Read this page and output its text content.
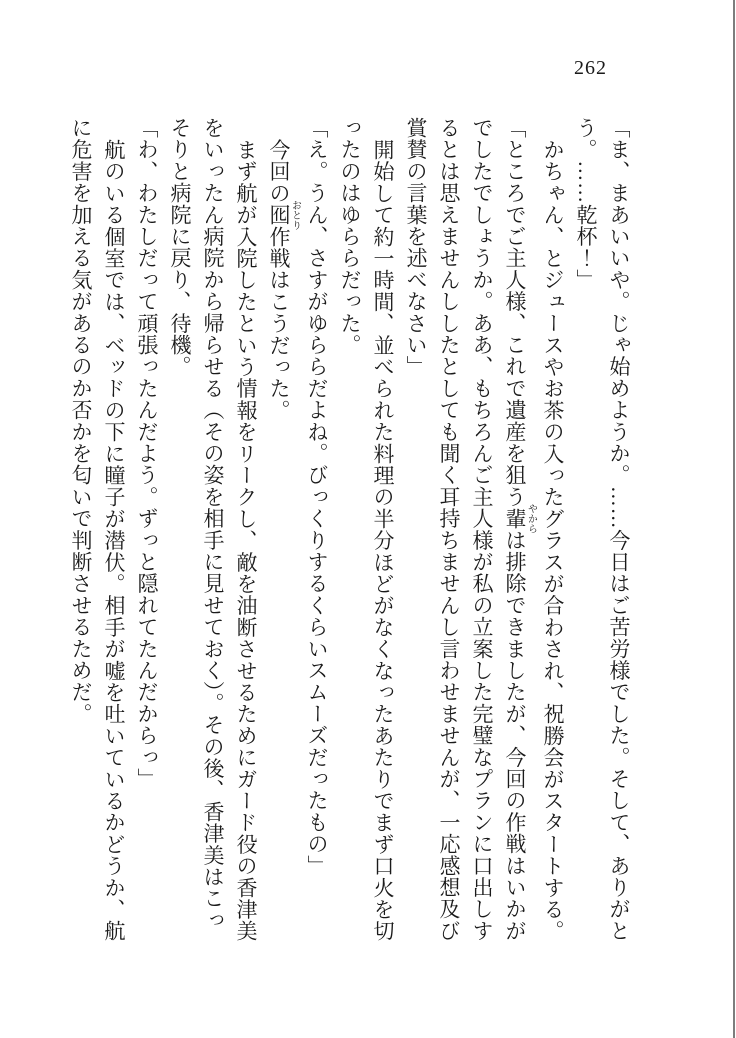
262

「ま、まあいいや。じゃ始めようか。……今日はご苦労様でした。そして、ありがとう。……乾杯！」

かちゃん、とジュースやお茶の入ったグラスが合わされ、祝勝会がスタートする。

「ところでご主人様、これで遺産を狙う輩やからは排除できましたが、今回の作戦はいかがでしたでしょうか。ああ、もちろんご主人様が私の立案した完璧なプランに口出しするとは思えませんししたとしても聞く耳持ちませんし言わせませんが、一応感想及び賞賛の言葉を述べなさい」

開始して約一時間、並べられた料理の半分ほどがなくなったあたりでまず口火を切ったのはゆららだった。

「え。うん、さすがゆららだよね。びっくりするくらいスムーズだったもの」

今回の囮おとり作戦はこうだった。

まず航が入院したという情報をリークし、敵を油断させるためにガード役の香津美をいったん病院から帰らせる（その姿を相手に見せておく）。その後、香津美はこっそりと病院に戻り、待機。

「わ、わたしだって頑張ったんだよう。ずっと隠れてたんだからっ」

航のいる個室では、ベッドの下に瞳子が潜伏。相手が嘘を吐いているかどうか、航に危害を加える気があるのか否かを匂いで判断させるためだ。
